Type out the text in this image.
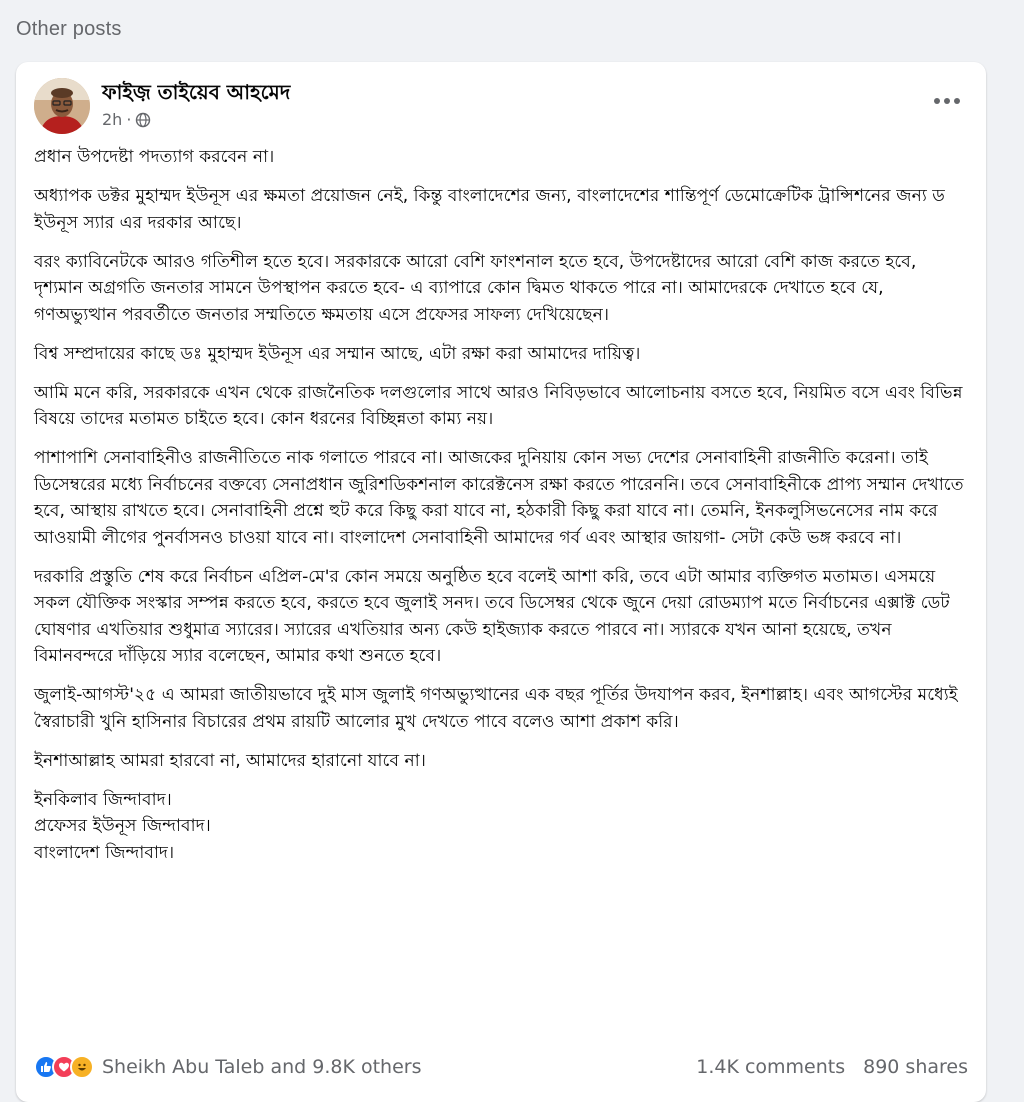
Other posts
ফাইজ় তাইয়েব আহমেদ
2h ·

প্রধান উপদেষ্টা পদত্যাগ করবেন না।

অধ্যাপক ডক্টর মুহাম্মদ ইউনূস এর ক্ষমতা প্রয়োজন নেই, কিন্তু বাংলাদেশের জন্য, বাংলাদেশের শান্তিপূর্ণ ডেমোক্রেটিক ট্রান্সিশনের জন্য ড ইউনূস স্যার এর দরকার আছে।

বরং ক্যাবিনেটকে আরও গতিশীল হতে হবে। সরকারকে আরো বেশি ফাংশনাল হতে হবে, উপদেষ্টাদের আরো বেশি কাজ করতে হবে, দৃশ্যমান অগ্রগতি জনতার সামনে উপস্থাপন করতে হবে- এ ব্যাপারে কোন দ্বিমত থাকতে পারে না। আমাদেরকে দেখাতে হবে যে, গণঅভ্যুত্থান পরবর্তীতে জনতার সম্মতিতে ক্ষমতায় এসে প্রফেসর সাফল্য দেখিয়েছেন।

বিশ্ব সম্প্রদায়ের কাছে ডঃ মুহাম্মদ ইউনূস এর সম্মান আছে, এটা রক্ষা করা আমাদের দায়িত্ব।

আমি মনে করি, সরকারকে এখন থেকে রাজনৈতিক দলগুলোর সাথে আরও নিবিড়ভাবে আলোচনায় বসতে হবে, নিয়মিত বসে এবং বিভিন্ন বিষয়ে তাদের মতামত চাইতে হবে। কোন ধরনের বিচ্ছিন্নতা কাম্য নয়।

পাশাপাশি সেনাবাহিনীও রাজনীতিতে নাক গলাতে পারবে না। আজকের দুনিয়ায় কোন সভ্য দেশের সেনাবাহিনী রাজনীতি করেনা। তাই ডিসেম্বরের মধ্যে নির্বাচনের বক্তব্যে সেনাপ্রধান জুরিশডিকশনাল কারেক্টনেস রক্ষা করতে পারেননি। তবে সেনাবাহিনীকে প্রাপ্য সম্মান দেখাতে হবে, আস্থায় রাখতে হবে। সেনাবাহিনী প্রশ্নে হুট করে কিছু করা যাবে না, হঠকারী কিছু করা যাবে না। তেমনি, ইনকলুসিভনেসের নাম করে আওয়ামী লীগের পুনর্বাসনও চাওয়া যাবে না। বাংলাদেশ সেনাবাহিনী আমাদের গর্ব এবং আস্থার জায়গা- সেটা কেউ ভঙ্গ করবে না।

দরকারি প্রস্তুতি শেষ করে নির্বাচন এপ্রিল-মে'র কোন সময়ে অনুষ্ঠিত হবে বলেই আশা করি, তবে এটা আমার ব্যক্তিগত মতামত। এসময়ে সকল যৌক্তিক সংস্কার সম্পন্ন করতে হবে, করতে হবে জুলাই সনদ। তবে ডিসেম্বর থেকে জুনে দেয়া রোডম্যাপ মতে নির্বাচনের এক্সাক্ট ডেট ঘোষণার এখতিয়ার শুধুমাত্র স্যারের। স্যারের এখতিয়ার অন্য কেউ হাইজ্যাক করতে পারবে না। স্যারকে যখন আনা হয়েছে, তখন বিমানবন্দরে দাঁড়িয়ে স্যার বলেছেন, আমার কথা শুনতে হবে।

জুলাই-আগস্ট'২৫ এ আমরা জাতীয়ভাবে দুই মাস জুলাই গণঅভ্যুত্থানের এক বছর পূর্তির উদযাপন করব, ইনশাল্লাহ। এবং আগস্টের মধ্যেই স্বৈরাচারী খুনি হাসিনার বিচারের প্রথম রায়টি আলোর মুখ দেখতে পাবে বলেও আশা প্রকাশ করি।

ইনশাআল্লাহ আমরা হারবো না, আমাদের হারানো যাবে না।

ইনকিলাব জিন্দাবাদ।
প্রফেসর ইউনূস জিন্দাবাদ।
বাংলাদেশ জিন্দাবাদ।

Sheikh Abu Taleb and 9.8K others	1.4K comments 890 shares
